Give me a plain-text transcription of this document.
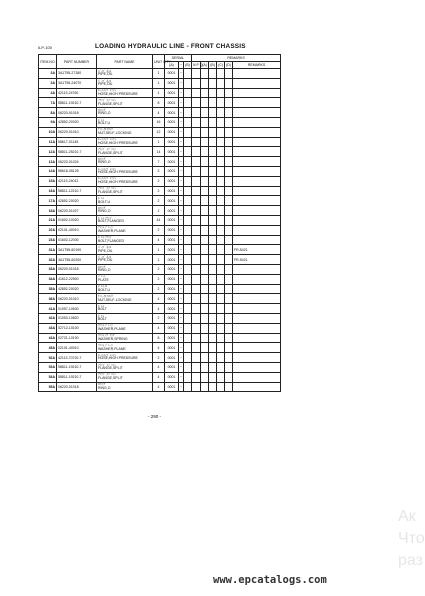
ILP-100	LOADING HYDRAULIC LINE - FRONT CHASSIS
ITEM NO.	PART NUMBER	PART NAME	UNIT Q'TY	SERIAL			REMARKS					
				(A)	~	(B)	N P Q	(A)	(B)	(C)	(D)	REMARKS
3A	3A1T55-27180	ﾊﾟｲﾌﾟ,ｵｲﾙ
PIPE,OIL	1	0001	~							
3A	3A1T55-24070	ﾊﾟｲﾌﾟ,ｵｲﾙ
PIPE,OIL	1	0001	~							
4A	42113-24760	ﾎｰｽ,ﾊｲﾌﾟﾚｯｼｬ
HOSE,HIGH PRESSURE	1	0001	~							
7A	58811-19210-7	ﾌﾗﾝｼﾞ,ｽﾌﾟﾘｯﾄ
FLANGE,SPLIT	8	0001	~							
8A	06220-01018	Oﾘﾝｸﾞ
RING,O	4	0001	~							
9A	42852-20020	ﾎﾞﾙﾄ
BOLT,U	16	0001	~							
10A	06220-01010	ﾅｯﾄ,ｾﾙﾌﾛｯｸ
NUT,SELF-LOCKING	12	0001	~							
11A	58617-01145	ﾎｰｽ,ﾊｲﾌﾟﾚｯｼｬ
HOSE,HIGH PRESSURE	1	0001	~							
12A	58811-25210-7	ﾌﾗﾝｼﾞ,ｽﾌﾟﾘｯﾄ
FLANGE,SPLIT	14	0001	~							
13A	06220-01024	Oﾘﾝｸﾞ
RING,O	7	0001	~							
14A	58616-05125	ﾎｰｽ,ﾊｲﾌﾟﾚｯｼｬ
HOSE,HIGH PRESSURE	2	0001	~							
15A	42113-24012	ﾎｰｽ,ﾊｲﾌﾟﾚｯｼｬ
HOSE,HIGH PRESSURE	2	0001	~							
16A	58811-12210-7	ﾌﾗﾝｼﾞ,ｽﾌﾟﾘｯﾄ
FLANGE,SPLIT	2	0001	~							
17A	42852-20020	ﾎﾞﾙﾄ
BOLT,U	2	0001	~							
18A	06220-01027	Oﾘﾝｸﾞ
RING,O	1	0001	~							
21A	01602-10020	ﾎﾞﾙﾄ,ﾌﾗﾝｼﾞ
BOLT,FLANGED	44	0001	~							
22A	02101-40010	ﾜｯｼｬ,ﾌﾟﾚｰﾝ
WASHER,PLANE	2	0001	~							
23A	01602-12030	ﾎﾞﾙﾄ,ﾌﾗﾝｼﾞ
BOLT,FLANGED	4	0001	~							
31A	3A1T55-60190	ﾊﾟｲﾌﾟ,ｵｲﾙ
PIPE,OIL	1	0001	~							FR-5421
32A	3A1T55-60200	ﾊﾟｲﾌﾟ,ｵｲﾙ
PIPE,OIL	1	0001	~							FR-5421
33A	06220-01018	Oﾘﾝｸﾞ
RING,O	2	0001	~							
34A	41612-22500	ﾌﾟﾚｰﾄ
PLATE	2	0001	~							
35A	42852-20020	ﾎﾞﾙﾄ,U
BOLT,U	2	0001	~							
36A	06220-01010	ﾅｯﾄ,ｾﾙﾌﾛｯｸ
NUT,SELF-LOCKING	4	0001	~							
41A	01057-10630	ﾎﾞﾙﾄ
BOLT	4	0001	~							
42A	01053-10820	ﾎﾞﾙﾄ
BOLT	2	0001	~							
43A	02712-10100	ﾜｯｼｬ,ﾌﾟﾚｰﾝ
WASHER,PLANE	4	0001	~							
44A	02721-10100	ﾜｯｼｬ,ｽﾌﾟﾘﾝｸﾞ
WASHER,SPRING	8	0001	~							
45A	02101-40010	ﾜｯｼｬ,ﾌﾟﾚｰﾝ
WASHER,PLANE	4	0001	~							
52A	42113-70720-7	ﾎｰｽ,ﾊｲﾌﾟﾚｯｼｬ
HOSE,HIGH PRESSURE	2	0001	~							
53A	58811-19210-7	ﾌﾗﾝｼﾞ,ｽﾌﾟﾘｯﾄ
FLANGE,SPLIT	4	0001	~							
54A	58811-19210-7	ﾌﾗﾝｼﾞ,ｽﾌﾟﾘｯﾄ
FLANGE,SPLIT	4	0001	~							
55A	06220-01018	Oﾘﾝｸﾞ
RING,O	4	0001	~							
- 290 -
Ак
Что
раз
www.epcatalogs.com
